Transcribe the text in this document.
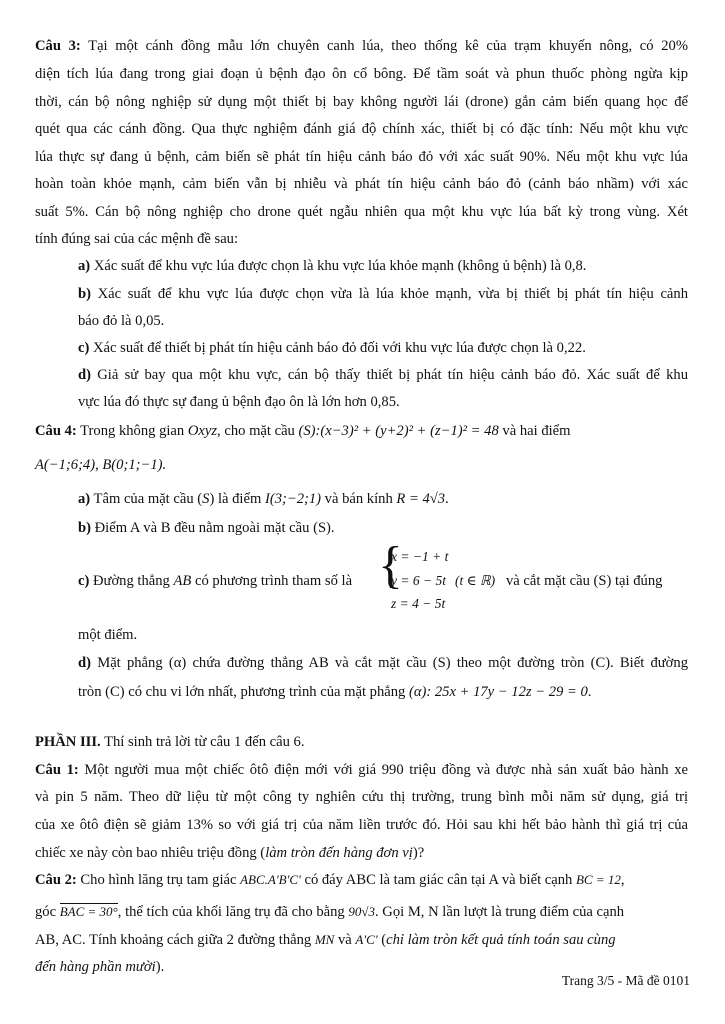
Câu 3: Tại một cánh đồng mẫu lớn chuyên canh lúa, theo thống kê của trạm khuyến nông, có 20%
diện tích lúa đang trong giai đoạn ủ bệnh đạo ôn cổ bông. Để tầm soát và phun thuốc phòng ngừa kịp
thời, cán bộ nông nghiệp sử dụng một thiết bị bay không người lái (drone) gắn cảm biến quang học để
quét qua các cánh đồng. Qua thực nghiệm đánh giá độ chính xác, thiết bị có đặc tính: Nếu một khu vực
lúa thực sự đang ủ bệnh, cảm biến sẽ phát tín hiệu cảnh báo đỏ với xác suất 90%. Nếu một khu vực lúa
hoàn toàn khỏe mạnh, cảm biến vẫn bị nhiễu và phát tín hiệu cảnh báo đỏ (cảnh báo nhầm) với xác
suất 5%. Cán bộ nông nghiệp cho drone quét ngẫu nhiên qua một khu vực lúa bất kỳ trong vùng. Xét
tính đúng sai của các mệnh đề sau:
a) Xác suất để khu vực lúa được chọn là khu vực lúa khỏe mạnh (không ủ bệnh) là 0,8.
b) Xác suất để khu vực lúa được chọn vừa là lúa khỏe mạnh, vừa bị thiết bị phát tín hiệu cảnh
báo đỏ là 0,05.
c) Xác suất để thiết bị phát tín hiệu cảnh báo đỏ đối với khu vực lúa được chọn là 0,22.
d) Giả sử bay qua một khu vực, cán bộ thấy thiết bị phát tín hiệu cảnh báo đỏ. Xác suất để khu
vực lúa đó thực sự đang ủ bệnh đạo ôn là lớn hơn 0,85.
Câu 4: Trong không gian Oxyz, cho mặt cầu (S):(x−3)² + (y+2)² + (z−1)² = 48 và hai điểm
A(−1;6;4), B(0;1;−1).
a) Tâm của mặt cầu (S) là điểm I(3;−2;1) và bán kính R = 4√3.
b) Điểm A và B đều nằm ngoài mặt cầu (S).
c) Đường thẳng AB có phương trình tham số là {
x = −1 + t
y = 6 − 5t
z = 4 − 5t
(t ∈ ℝ) và cắt mặt cầu (S) tại đúng
một điểm.
d) Mặt phẳng (α) chứa đường thẳng AB và cắt mặt cầu (S) theo một đường tròn (C). Biết đường
tròn (C) có chu vi lớn nhất, phương trình của mặt phẳng (α): 25x + 17y − 12z − 29 = 0.
PHẦN III. Thí sinh trả lời từ câu 1 đến câu 6.
Câu 1: Một người mua một chiếc ôtô điện mới với giá 990 triệu đồng và được nhà sản xuất bảo hành xe
và pin 5 năm. Theo dữ liệu từ một công ty nghiên cứu thị trường, trung bình mỗi năm sử dụng, giá trị
của xe ôtô điện sẽ giảm 13% so với giá trị của năm liền trước đó. Hỏi sau khi hết bảo hành thì giá trị của
chiếc xe này còn bao nhiêu triệu đồng (làm tròn đến hàng đơn vị)?
Câu 2: Cho hình lăng trụ tam giác ABC.A'B'C' có đáy ABC là tam giác cân tại A và biết cạnh BC = 12,
góc BAC = 30°, thể tích của khối lăng trụ đã cho bằng 90√3. Gọi M, N lần lượt là trung điểm của cạnh
AB, AC. Tính khoảng cách giữa 2 đường thẳng MN và A'C' (chỉ làm tròn kết quả tính toán sau cùng
đến hàng phần mười).
Trang 3/5 - Mã đề 0101
